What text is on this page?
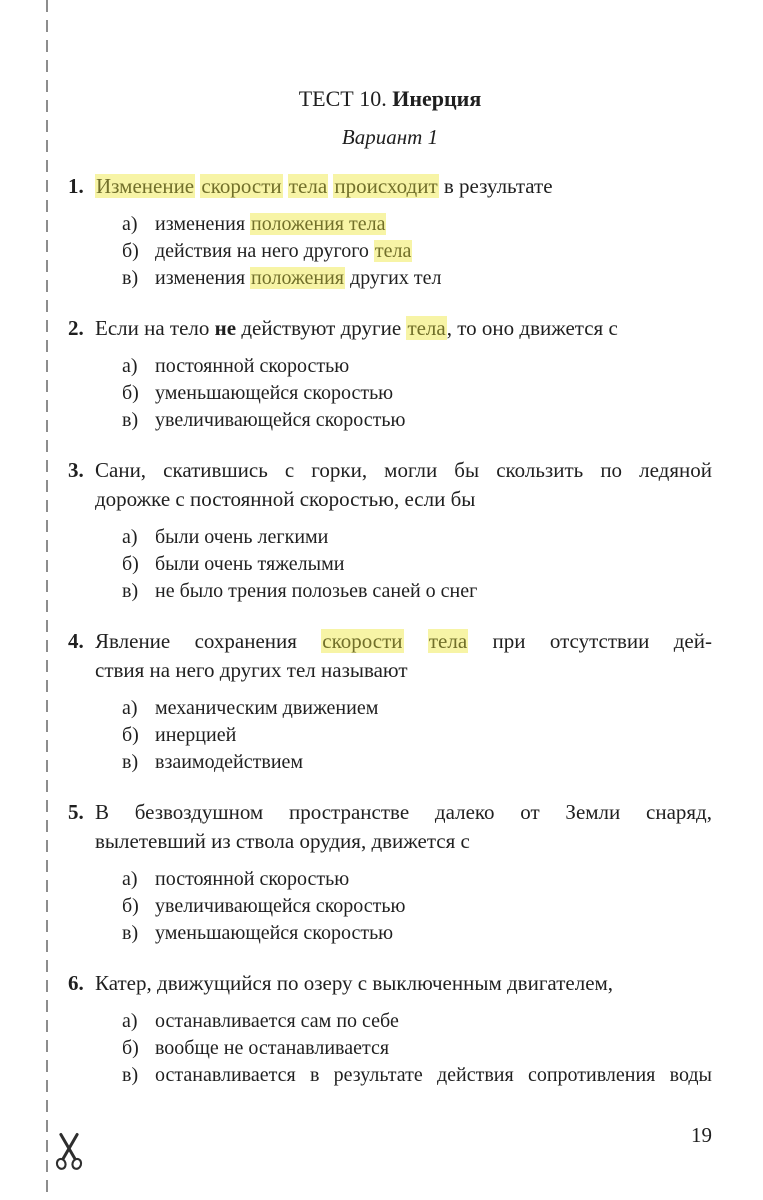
ТЕСТ 10. Инерция
Вариант 1
1. Изменение скорости тела происходит в результате
а) изменения положения тела
б) действия на него другого тела
в) изменения положения других тел
2. Если на тело не действуют другие тела, то оно движется с
а) постоянной скоростью
б) уменьшающейся скоростью
в) увеличивающейся скоростью
3. Сани, скатившись с горки, могли бы скользить по ледяной
дорожке с постоянной скоростью, если бы
а) были очень легкими
б) были очень тяжелыми
в) не было трения полозьев саней о снег
4. Явление сохранения скорости тела при отсутствии дей-
ствия на него других тел называют
а) механическим движением
б) инерцией
в) взаимодействием
5. В безвоздушном пространстве далеко от Земли снаряд,
вылетевший из ствола орудия, движется с
а) постоянной скоростью
б) увеличивающейся скоростью
в) уменьшающейся скоростью
6. Катер, движущийся по озеру с выключенным двигателем,
а) останавливается сам по себе
б) вообще не останавливается
в) останавливается в результате действия сопротивления воды
19
